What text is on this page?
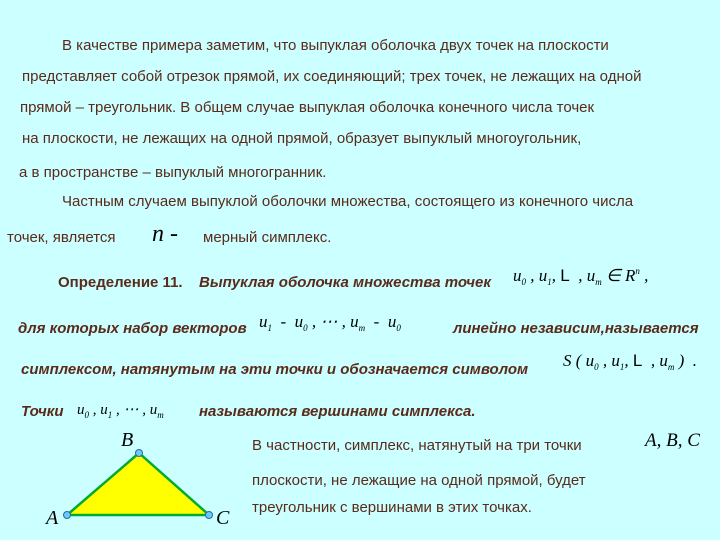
В качестве примера заметим, что выпуклая оболочка двух точек на плоскости
представляет собой отрезок прямой, их соединяющий; трех точек, не лежащих на одной
прямой – треугольник. В общем случае выпуклая оболочка конечного числа точек
на плоскости, не лежащих на одной прямой, образует выпуклый многоугольник,
а в пространстве – выпуклый многогранник.
Частным случаем выпуклой оболочки множества, состоящего из конечного числа
точек, является n - мерный симплекс.
Определение 11. Выпуклая оболочка множества точек $u_0$ , $u_1$, L  , $u_m$ ∈ $R^n$ ,
для которых набор векторов $u_1 - u_0$ , ⋯ , $u_m - u_0$	линейно независим,называется
симплексом, натянутым на эти точки и обозначается символом S ( $u_0$ , $u_1$, L  , $u_m$ )  .
Точки $u_0$ , $u_1$ , ⋯ , $u_m$ называются вершинами симплекса.
B
A	C
В частности, симплекс, натянутый на три точки	A, B, C
плоскости, не лежащие на одной прямой, будет
треугольник с вершинами в этих точках.
